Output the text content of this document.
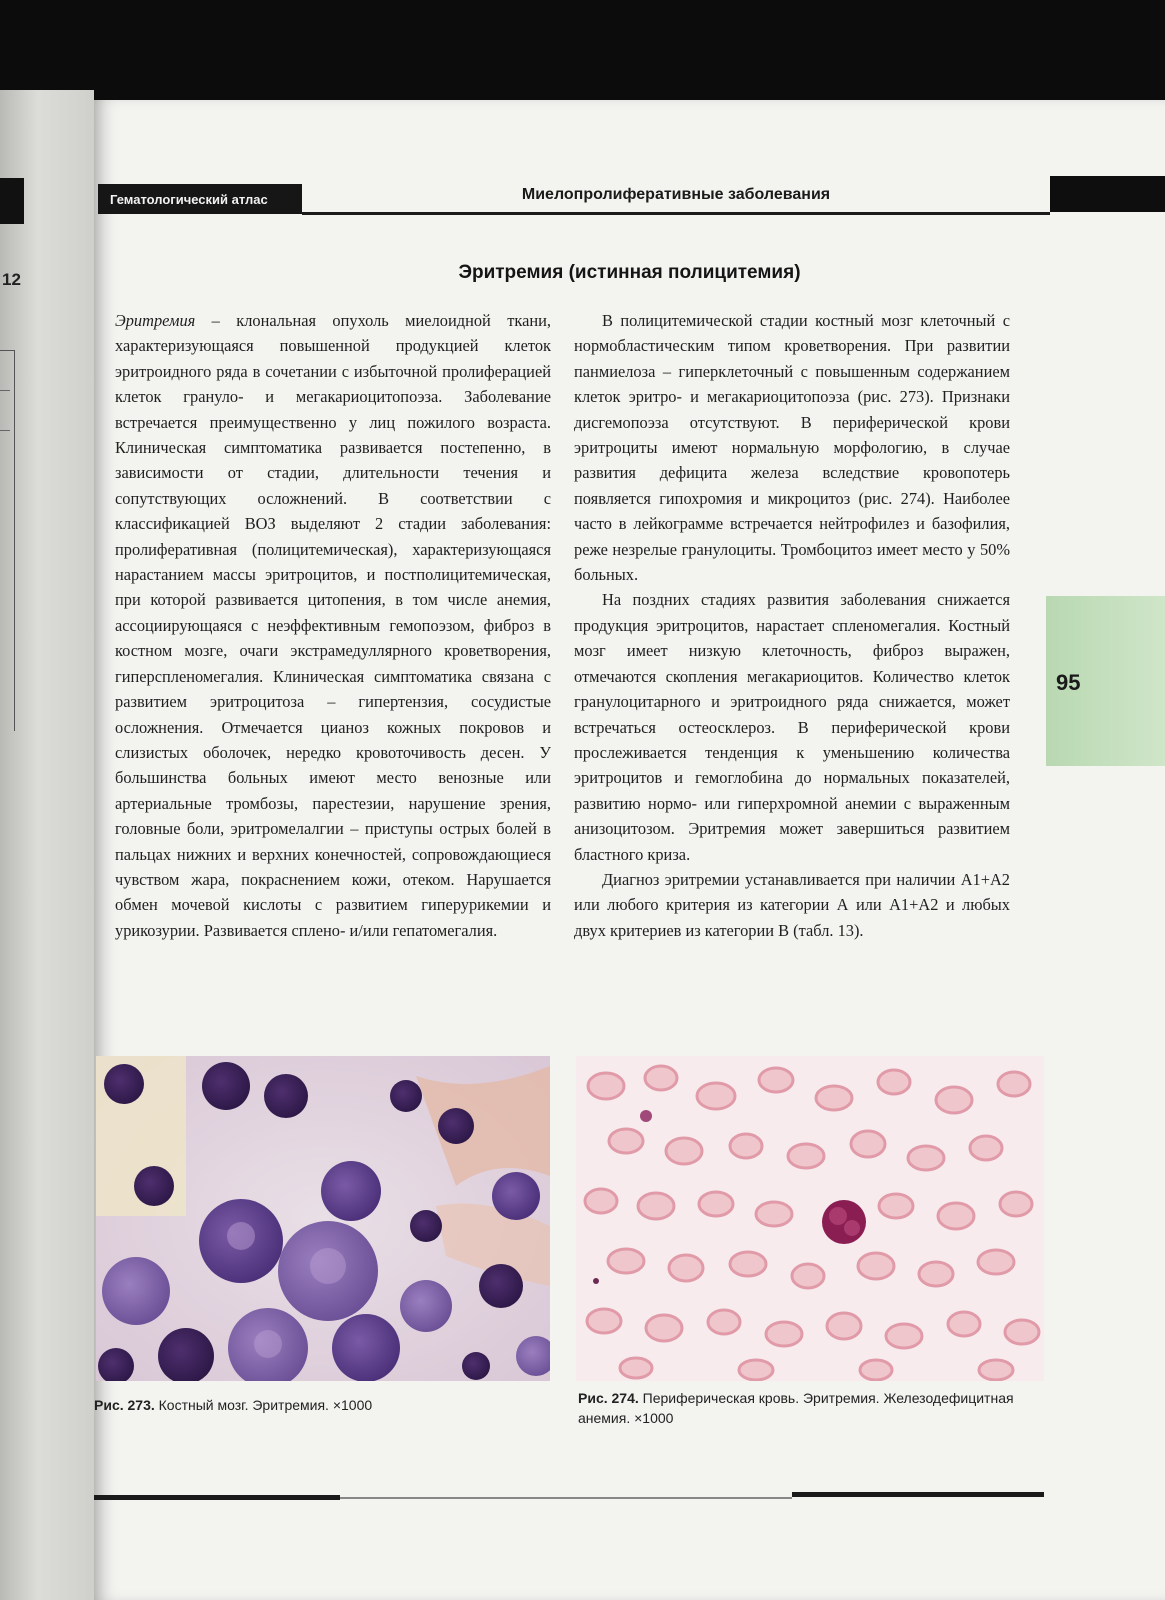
12
Гематологический атлас	Миелопролиферативные заболевания
Эритремия (истинная полицитемия)

Эритремия – клональная опухоль миелоидной ткани, характеризующаяся повышенной продукцией клеток эритроидного ряда в сочетании с избыточной пролиферацией клеток грануло- и мегакариоцитопоэза. Заболевание встречается преимущественно у лиц пожилого возраста. Клиническая симптоматика развивается постепенно, в зависимости от стадии, длительности течения и сопутствующих осложнений. В соответствии с классификацией ВОЗ выделяют 2 стадии заболевания: пролиферативная (полицитемическая), характеризующаяся нарастанием массы эритроцитов, и постполицитемическая, при которой развивается цитопения, в том числе анемия, ассоциирующаяся с неэффективным гемопоэзом, фиброз в костном мозге, очаги экстрамедуллярного кроветворения, гиперспленомегалия. Клиническая симптоматика связана с развитием эритроцитоза – гипертензия, сосудистые осложнения. Отмечается цианоз кожных покровов и слизистых оболочек, нередко кровоточивость десен. У большинства больных имеют место венозные или артериальные тромбозы, парестезии, нарушение зрения, головные боли, эритромелалгии – приступы острых болей в пальцах нижних и верхних конечностей, сопровождающиеся чувством жара, покраснением кожи, отеком. Нарушается обмен мочевой кислоты с развитием гиперурикемии и урикозурии. Развивается спленo- и/или гепатомегалия.

В полицитемической стадии костный мозг клеточный с нормобластическим типом кроветворения. При развитии панмиелоза – гиперклеточный с повышенным содержанием клеток эритро- и мегакариоцитопоэза (рис. 273). Признаки дисгемопоэза отсутствуют. В периферической крови эритроциты имеют нормальную морфологию, в случае развития дефицита железа вследствие кровопотерь появляется гипохромия и микроцитоз (рис. 274). Наиболее часто в лейкограмме встречается нейтрофилез и базофилия, реже незрелые гранулоциты. Тромбоцитоз имеет место у 50% больных.

На поздних стадиях развития заболевания снижается продукция эритроцитов, нарастает спленомегалия. Костный мозг имеет низкую клеточность, фиброз выражен, отмечаются скопления мегакариоцитов. Количество клеток гранулоцитарного и эритроидного ряда снижается, может встречаться остеосклероз. В периферической крови прослеживается тенденция к уменьшению количества эритроцитов и гемоглобина до нормальных показателей, развитию нормо- или гиперхромной анемии с выраженным анизоцитозом. Эритремия может завершиться развитием бластного криза.

Диагноз эритремии устанавливается при наличии А1+А2 или любого критерия из категории А или А1+А2 и любых двух критериев из категории В (табл. 13).

95
Рис. 273. Костный мозг. Эритремия. ×1000	Рис. 274. Периферическая кровь. Эритремия. Железодефицитная анемия. ×1000
